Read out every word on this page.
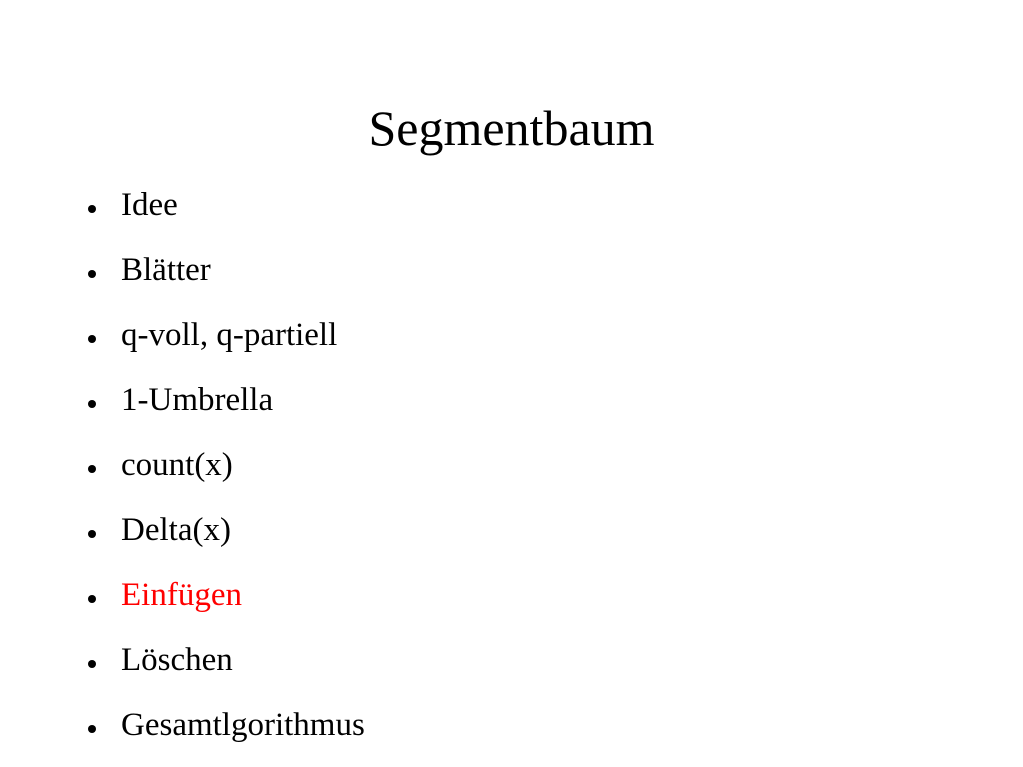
Segmentbaum
Idee
Blätter
q-voll, q-partiell
1-Umbrella
count(x)
Delta(x)
Einfügen
Löschen
Gesamtlgorithmus
